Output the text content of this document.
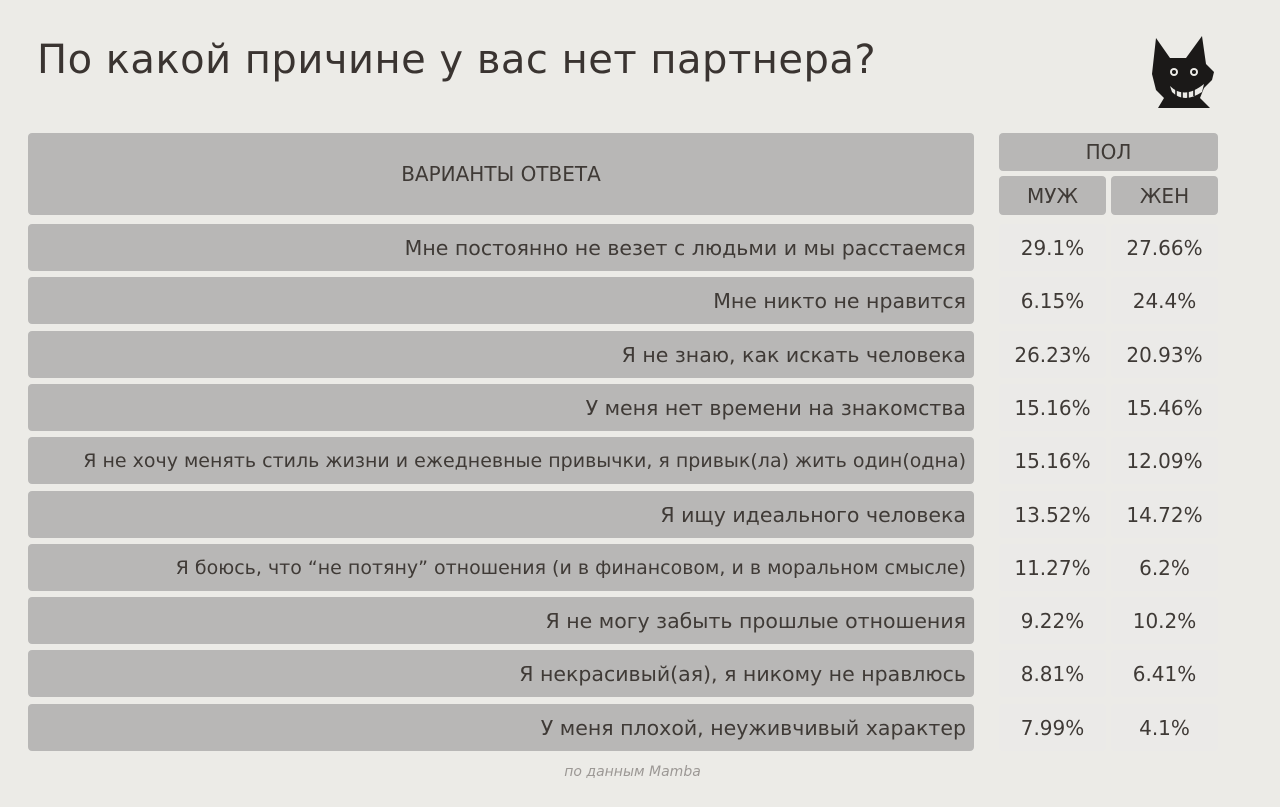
По какой причине у вас нет партнера?
ВАРИАНТЫ ОТВЕТА
ПОЛ
МУЖ	ЖЕН
Мне постоянно не везет с людьми и мы расстаемся	29.1%	27.66%
Мне никто не нравится	6.15%	24.4%
Я не знаю, как искать человека	26.23%	20.93%
У меня нет времени на знакомства	15.16%	15.46%
Я не хочу менять стиль жизни и ежедневные привычки, я привык(ла) жить один(одна)	15.16%	12.09%
Я ищу идеального человека	13.52%	14.72%
Я боюсь, что “не потяну” отношения (и в финансовом, и в моральном смысле)	11.27%	6.2%
Я не могу забыть прошлые отношения	9.22%	10.2%
Я некрасивый(ая), я никому не нравлюсь	8.81%	6.41%
У меня плохой, неуживчивый характер	7.99%	4.1%
по данным Mamba
